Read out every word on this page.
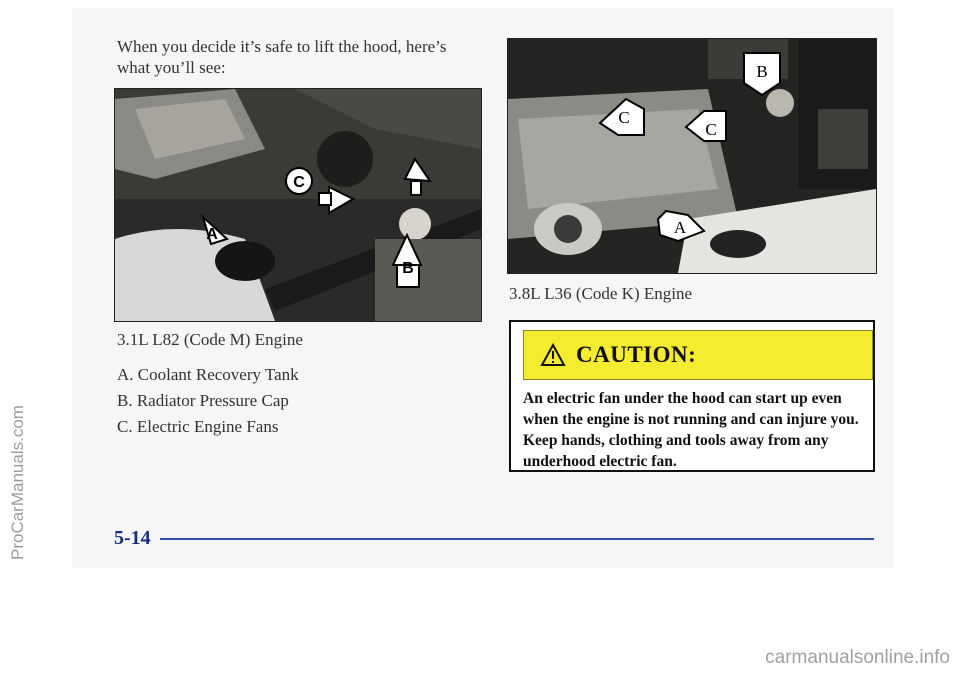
When you decide it’s safe to lift the hood, here’s what you’ll see:
C
A
B
3.1L L82 (Code M) Engine
A. Coolant Recovery Tank
B. Radiator Pressure Cap
C. Electric Engine Fans
B
C
C
A
3.8L L36 (Code K) Engine
CAUTION:
An electric fan under the hood can start up even when the engine is not running and can injure you. Keep hands, clothing and tools away from any underhood electric fan.
5-14
ProCarManuals.com
carmanualsonline.info
